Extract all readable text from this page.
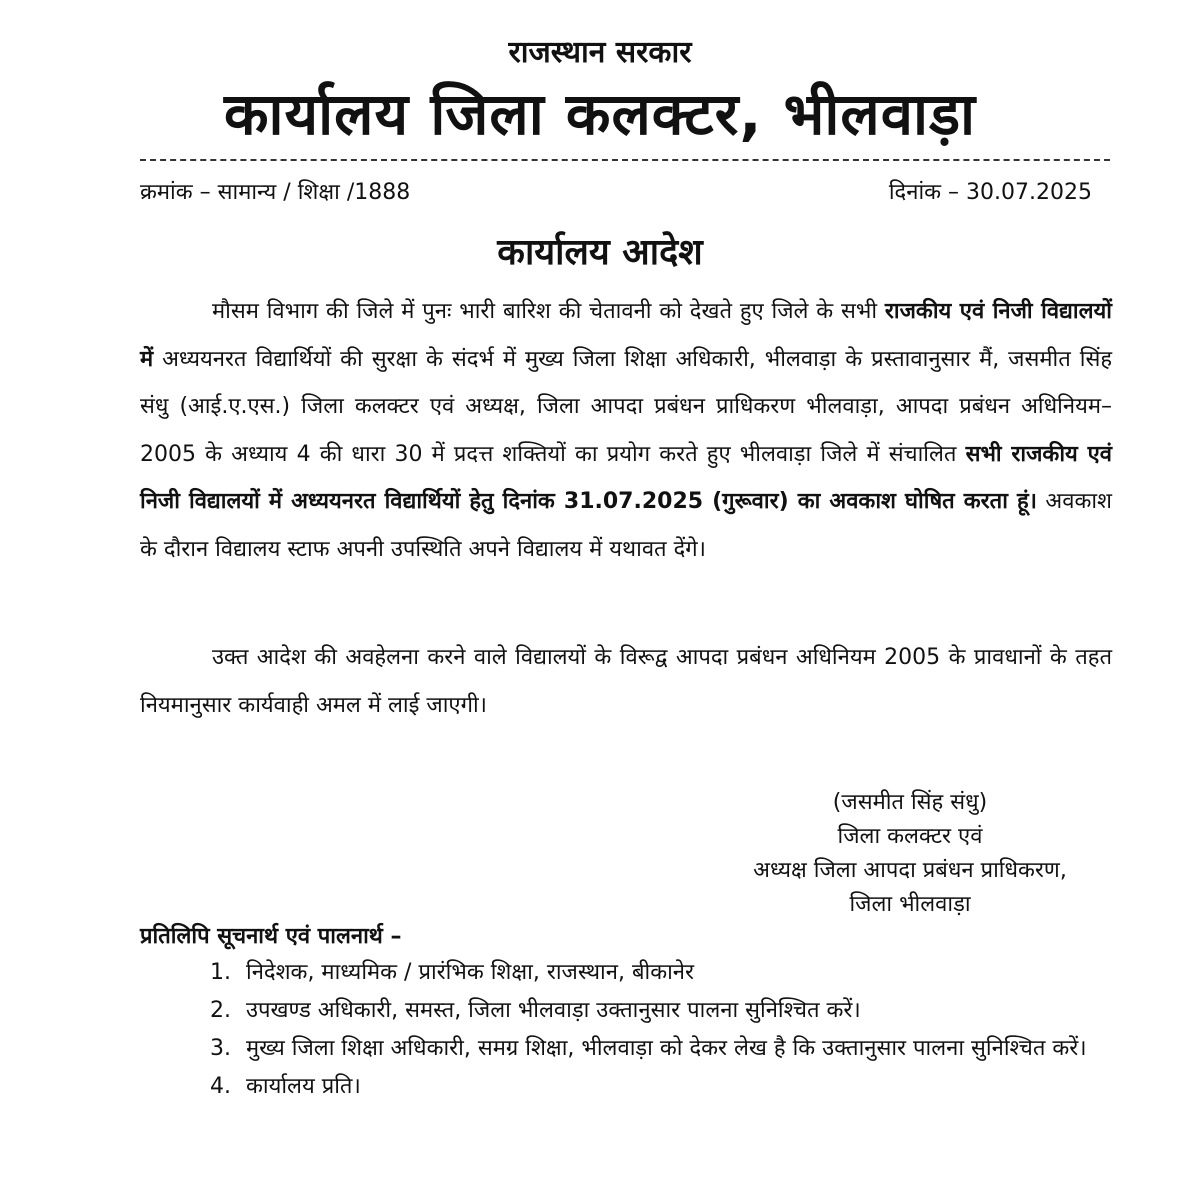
राजस्थान सरकार
कार्यालय जिला कलक्टर, भीलवाड़ा
क्रमांक – सामान्य / शिक्षा /1888	दिनांक – 30.07.2025
कार्यालय आदेश
मौसम विभाग की जिले में पुनः भारी बारिश की चेतावनी को देखते हुए जिले के सभी राजकीय एवं निजी विद्यालयों में अध्ययनरत विद्यार्थियों की सुरक्षा के संदर्भ में मुख्य जिला शिक्षा अधिकारी, भीलवाड़ा के प्रस्तावानुसार मैं, जसमीत सिंह संधु (आई.ए.एस.) जिला कलक्टर एवं अध्यक्ष, जिला आपदा प्रबंधन प्राधिकरण भीलवाड़ा, आपदा प्रबंधन अधिनियम–2005 के अध्याय 4 की धारा 30 में प्रदत्त शक्तियों का प्रयोग करते हुए भीलवाड़ा जिले में संचालित सभी राजकीय एवं निजी विद्यालयों में अध्ययनरत विद्यार्थियों हेतु दिनांक 31.07.2025 (गुरूवार) का अवकाश घोषित करता हूं। अवकाश के दौरान विद्यालय स्टाफ अपनी उपस्थिति अपने विद्यालय में यथावत देंगे।
उक्त आदेश की अवहेलना करने वाले विद्यालयों के विरूद्व आपदा प्रबंधन अधिनियम 2005 के प्रावधानों के तहत नियमानुसार कार्यवाही अमल में लाई जाएगी।
(जसमीत सिंह संधु)
जिला कलक्टर एवं
अध्यक्ष जिला आपदा प्रबंधन प्राधिकरण,
जिला भीलवाड़ा
प्रतिलिपि सूचनार्थ एवं पालनार्थ –
1. निदेशक, माध्यमिक / प्रारंभिक शिक्षा, राजस्थान, बीकानेर
2. उपखण्ड अधिकारी, समस्त, जिला भीलवाड़ा उक्तानुसार पालना सुनिश्चित करें।
3. मुख्य जिला शिक्षा अधिकारी, समग्र शिक्षा, भीलवाड़ा को देकर लेख है कि उक्तानुसार पालना सुनिश्चित करें।
4. कार्यालय प्रति।
